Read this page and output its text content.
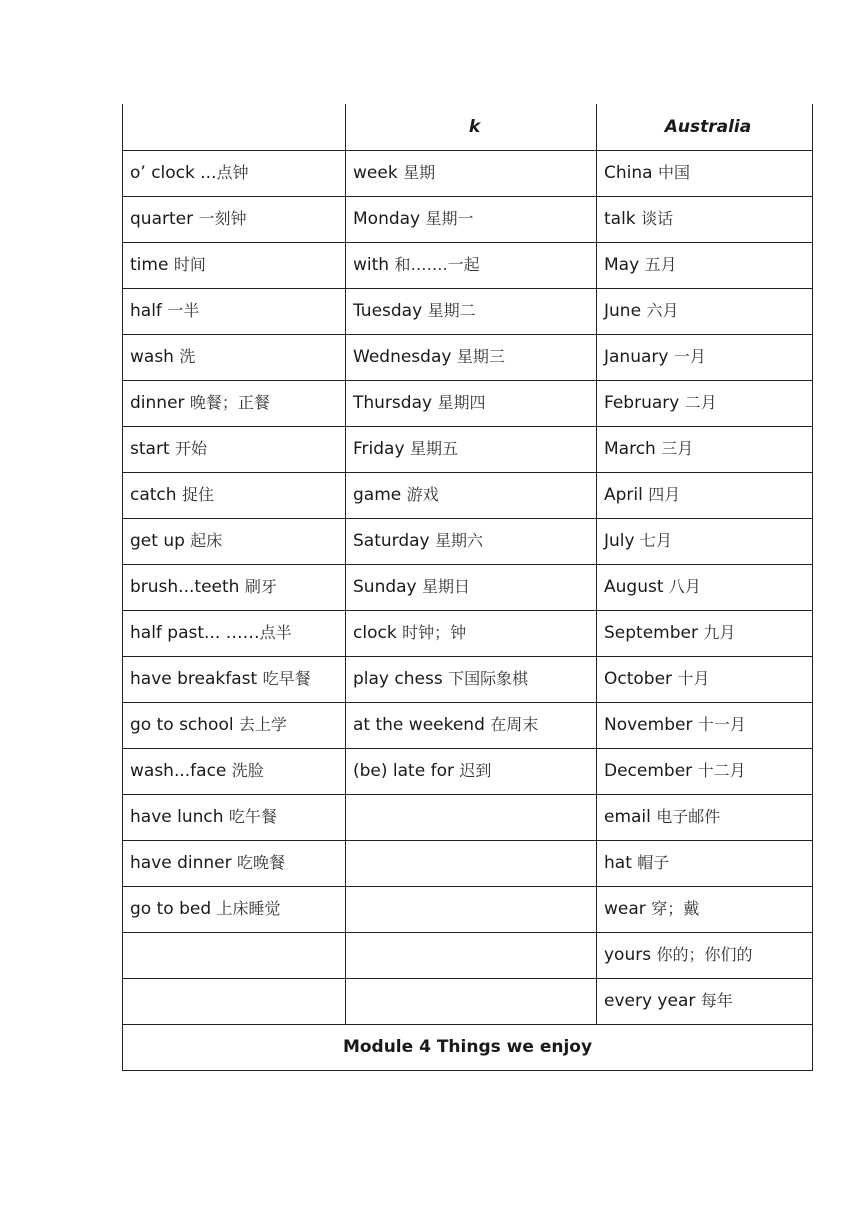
	k	Australia
o’ clock ...点钟	week 星期	China 中国
quarter 一刻钟	Monday 星期一	talk 谈话
time 时间	with 和…….一起	May 五月
half 一半	Tuesday 星期二	June 六月
wash 洗	Wednesday 星期三	January 一月
dinner 晚餐；正餐	Thursday 星期四	February 二月
start 开始	Friday 星期五	March 三月
catch 捉住	game 游戏	April 四月
get up 起床	Saturday 星期六	July 七月
brush...teeth 刷牙	Sunday 星期日	August 八月
half past... ……点半	clock 时钟；钟	September 九月
have breakfast 吃早餐	play chess 下国际象棋	October 十月
go to school 去上学	at the weekend 在周末	November 十一月
wash...face 洗脸	(be) late for 迟到	December 十二月
have lunch 吃午餐		email 电子邮件
have dinner 吃晚餐		hat 帽子
go to bed 上床睡觉		wear 穿；戴
		yours 你的；你们的
		every year 每年
Module 4 Things we enjoy		
